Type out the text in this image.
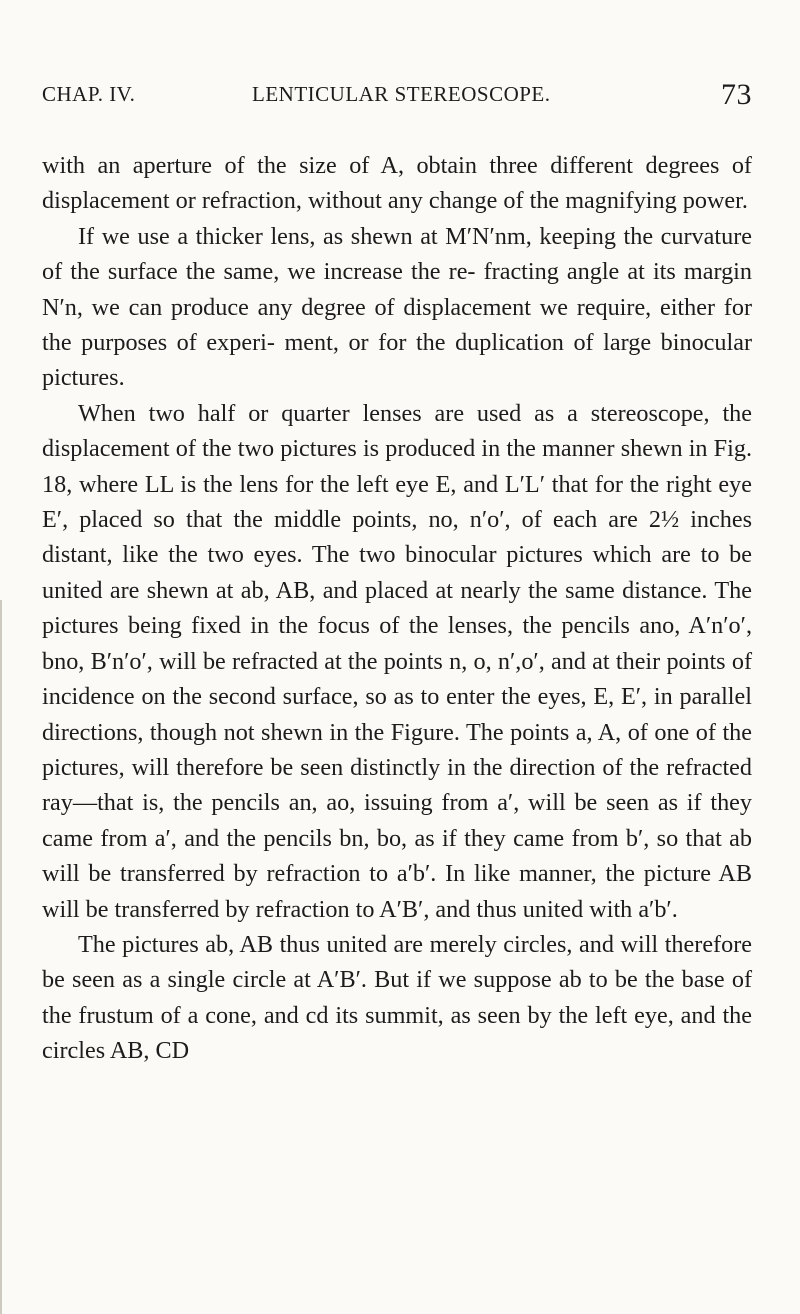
CHAP. IV.	LENTICULAR STEREOSCOPE.	73

with an aperture of the size of A, obtain three different degrees of displacement or refraction, without any change of the magnifying power.

If we use a thicker lens, as shewn at M′N′nm, keeping the curvature of the surface the same, we increase the re- fracting angle at its margin N′n, we can produce any degree of displacement we require, either for the purposes of experi- ment, or for the duplication of large binocular pictures.

When two half or quarter lenses are used as a stereoscope, the displacement of the two pictures is produced in the manner shewn in Fig. 18, where LL is the lens for the left eye E, and L′L′ that for the right eye E′, placed so that the middle points, no, n′o′, of each are 2½ inches distant, like the two eyes. The two binocular pictures which are to be united are shewn at ab, AB, and placed at nearly the same distance. The pictures being fixed in the focus of the lenses, the pencils ano, A′n′o′, bno, B′n′o′, will be refracted at the points n, o, n′,o′, and at their points of incidence on the second surface, so as to enter the eyes, E, E′, in parallel directions, though not shewn in the Figure. The points a, A, of one of the pictures, will therefore be seen distinctly in the direction of the refracted ray—that is, the pencils an, ao, issuing from a′, will be seen as if they came from a′, and the pencils bn, bo, as if they came from b′, so that ab will be transferred by refraction to a′b′. In like manner, the picture AB will be transferred by refraction to A′B′, and thus united with a′b′.

The pictures ab, AB thus united are merely circles, and will therefore be seen as a single circle at A′B′. But if we suppose ab to be the base of the frustum of a cone, and cd its summit, as seen by the left eye, and the circles AB, CD
